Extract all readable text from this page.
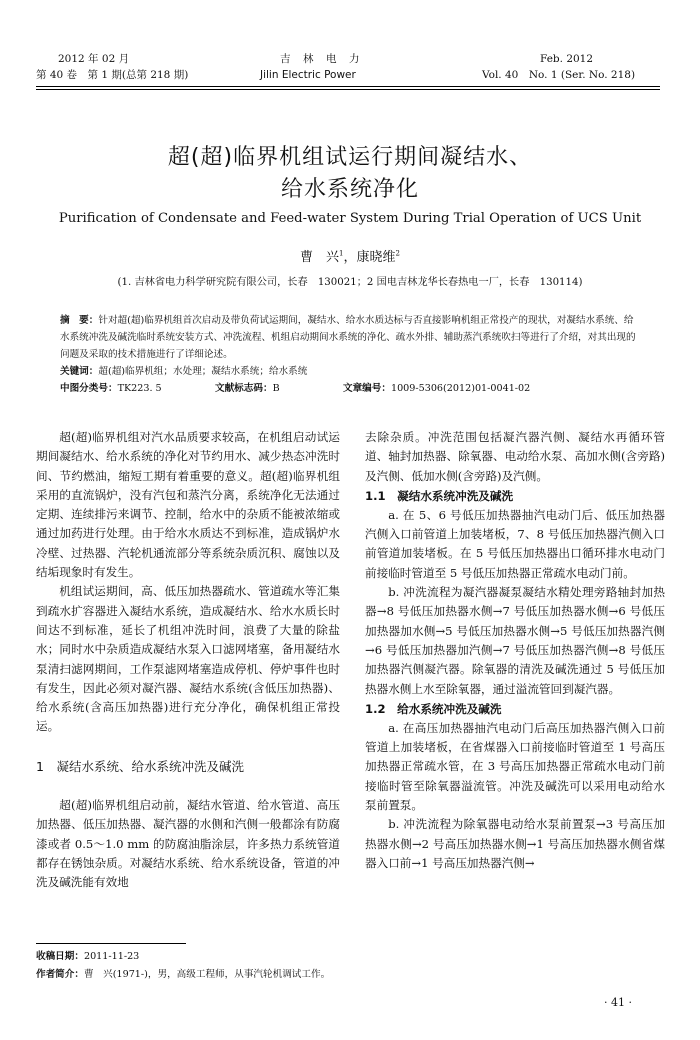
2012 年 02 月
第 40 卷　第 1 期(总第 218 期)
吉　林　电　力
Jilin Electric Power
Feb. 2012
Vol. 40　No. 1 (Ser. No. 218)
超(超)临界机组试运行期间凝结水、
给水系统净化
Purification of Condensate and Feed-water System During Trial Operation of UCS Unit
曹　兴$^1$，康晓维$^2$
(1. 吉林省电力科学研究院有限公司，长春　130021；2 国电吉林龙华长春热电一厂，长春　130114)
摘　要：针对超(超)临界机组首次启动及带负荷试运期间，凝结水、给水水质达标与否直接影响机组正常投产的现状，对凝结水系统、给水系统冲洗及碱洗临时系统安装方式、冲洗流程、机组启动期间水系统的净化、疏水外排、辅助蒸汽系统吹扫等进行了介绍，对其出现的问题及采取的技术措施进行了详细论述。
关键词：超(超)临界机组；水处理；凝结水系统；给水系统
中图分类号：TK223. 5	文献标志码：B	文章编号：1009-5306(2012)01-0041-02

超(超)临界机组对汽水品质要求较高，在机组启动试运期间凝结水、给水系统的净化对节约用水、减少热态冲洗时间、节约燃油，缩短工期有着重要的意义。超(超)临界机组采用的直流锅炉，没有汽包和蒸汽分离，系统净化无法通过定期、连续排污来调节、控制，给水中的杂质不能被浓缩或通过加药进行处理。由于给水水质达不到标准，造成锅炉水冷壁、过热器、汽轮机通流部分等系统杂质沉积、腐蚀以及结垢现象时有发生。

机组试运期间，高、低压加热器疏水、管道疏水等汇集到疏水扩容器进入凝结水系统，造成凝结水、给水水质长时间达不到标准，延长了机组冲洗时间，浪费了大量的除盐水；同时水中杂质造成凝结水泵入口滤网堵塞，备用凝结水泵清扫滤网期间，工作泵滤网堵塞造成停机、停炉事件也时有发生，因此必须对凝汽器、凝结水系统(含低压加热器)、给水系统(含高压加热器)进行充分净化，确保机组正常投运。

1　凝结水系统、给水系统冲洗及碱洗

超(超)临界机组启动前，凝结水管道、给水管道、高压加热器、低压加热器、凝汽器的水侧和汽侧一般都涂有防腐漆或者 0.5～1.0 mm 的防腐油脂涂层，许多热力系统管道都存在锈蚀杂质。对凝结水系统、给水系统设备，管道的冲洗及碱洗能有效地

去除杂质。冲洗范围包括凝汽器汽侧、凝结水再循环管道、轴封加热器、除氧器、电动给水泵、高加水侧(含旁路)及汽侧、低加水侧(含旁路)及汽侧。

1.1　凝结水系统冲洗及碱洗

a. 在 5、6 号低压加热器抽汽电动门后、低压加热器汽侧入口前管道上加装堵板，7、8 号低压加热器汽侧入口前管道加装堵板。在 5 号低压加热器出口循环排水电动门前接临时管道至 5 号低压加热器正常疏水电动门前。

b. 冲洗流程为凝汽器凝泵凝结水精处理旁路轴封加热器→8 号低压加热器水侧→7 号低压加热器水侧→6 号低压加热器加水侧→5 号低压加热器水侧→5 号低压加热器汽侧→6 号低压加热器加汽侧→7 号低压加热器汽侧→8 号低压加热器汽侧凝汽器。除氧器的清洗及碱洗通过 5 号低压加热器水侧上水至除氧器，通过溢流管回到凝汽器。

1.2　给水系统冲洗及碱洗

a. 在高压加热器抽汽电动门后高压加热器汽侧入口前管道上加装堵板，在省煤器入口前接临时管道至 1 号高压加热器正常疏水管，在 3 号高压加热器正常疏水电动门前接临时管至除氧器溢流管。冲洗及碱洗可以采用电动给水泵前置泵。

b. 冲洗流程为除氧器电动给水泵前置泵→3 号高压加热器水侧→2 号高压加热器水侧→1 号高压加热器水侧省煤器入口前→1 号高压加热器汽侧→

收稿日期：2011-11-23
作者简介：曹　兴(1971-)，男，高级工程师，从事汽轮机调试工作。
· 41 ·
